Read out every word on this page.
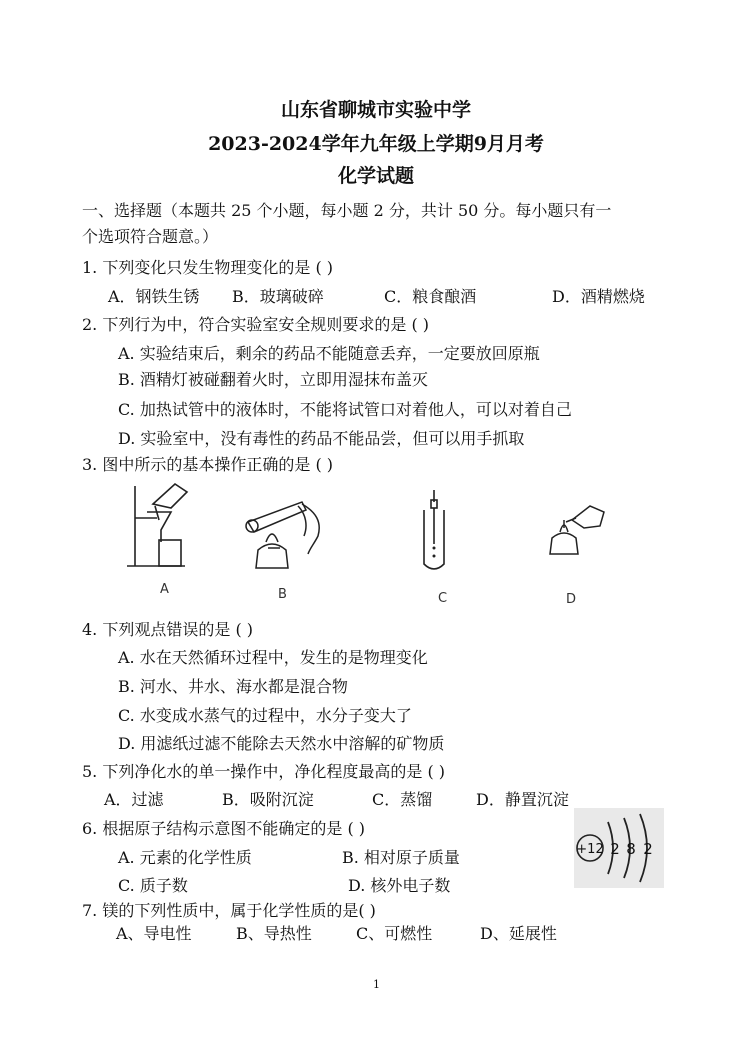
山东省聊城市实验中学
2023-2024学年九年级上学期9月月考
化学试题
一、选择题（本题共 25 个小题，每小题 2 分，共计 50 分。每小题只有一
个选项符合题意。）
1. 下列变化只发生物理变化的是 ( )
A．钢铁生锈 B．玻璃破碎	C．粮食酿酒	D．酒精燃烧
2. 下列行为中，符合实验室安全规则要求的是 ( )
A. 实验结束后，剩余的药品不能随意丢弃，一定要放回原瓶
B. 酒精灯被碰翻着火时，立即用湿抹布盖灭
C. 加热试管中的液体时，不能将试管口对着他人，可以对着自己
D. 实验室中，没有毒性的药品不能品尝，但可以用手抓取
3. 图中所示的基本操作正确的是 ( )
A	B	C	D
4. 下列观点错误的是 ( )
A. 水在天然循环过程中，发生的是物理变化
B. 河水、井水、海水都是混合物
C. 水变成水蒸气的过程中，水分子变大了
D. 用滤纸过滤不能除去天然水中溶解的矿物质
5. 下列净化水的单一操作中，净化程度最高的是 ( )
A．过滤	B．吸附沉淀	C．蒸馏	D．静置沉淀
6. 根据原子结构示意图不能确定的是 ( )
A. 元素的化学性质	B. 相对原子质量
C. 质子数	D. 核外电子数
+12 2 8 2
7. 镁的下列性质中，属于化学性质的是( )
A、导电性	B、导热性	C、可燃性	D、延展性
1
